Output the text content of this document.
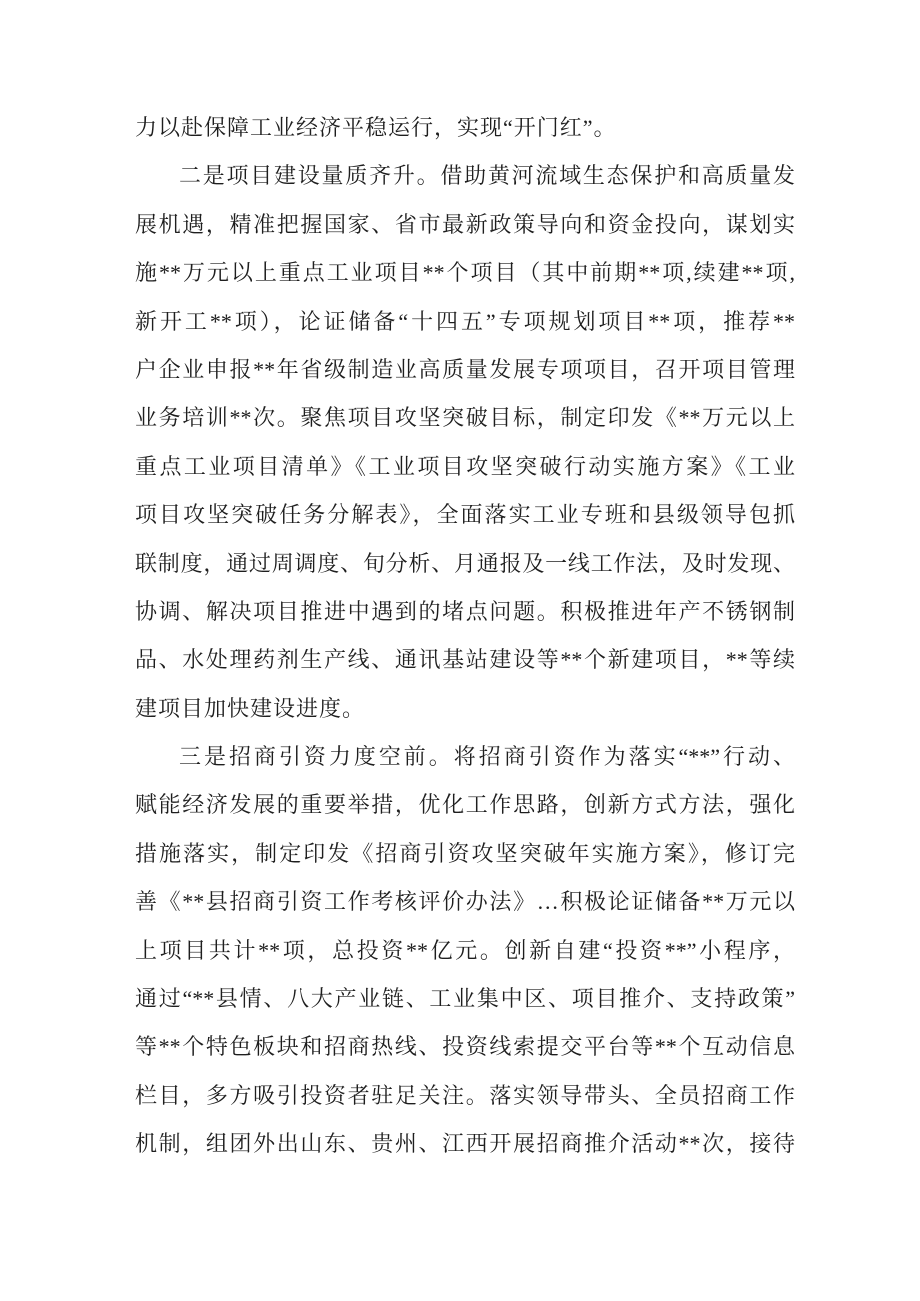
力以赴保障工业经济平稳运行，实现“开门红”。
二是项目建设量质齐升。借助黄河流域生态保护和高质量发
展机遇，精准把握国家、省市最新政策导向和资金投向，谋划实
施**万元以上重点工业项目**个项目（其中前期**项,续建**项,
新开工**项），论证储备“十四五”专项规划项目**项，推荐**
户企业申报**年省级制造业高质量发展专项项目，召开项目管理
业务培训**次。聚焦项目攻坚突破目标，制定印发《**万元以上
重点工业项目清单》《工业项目攻坚突破行动实施方案》《工业
项目攻坚突破任务分解表》，全面落实工业专班和县级领导包抓
联制度，通过周调度、旬分析、月通报及一线工作法，及时发现、
协调、解决项目推进中遇到的堵点问题。积极推进年产不锈钢制
品、水处理药剂生产线、通讯基站建设等**个新建项目，**等续
建项目加快建设进度。
三是招商引资力度空前。将招商引资作为落实“**”行动、
赋能经济发展的重要举措，优化工作思路，创新方式方法，强化
措施落实，制定印发《招商引资攻坚突破年实施方案》，修订完
善《**县招商引资工作考核评价办法》…积极论证储备**万元以
上项目共计**项，总投资**亿元。创新自建“投资**”小程序，
通过“**县情、八大产业链、工业集中区、项目推介、支持政策”
等**个特色板块和招商热线、投资线索提交平台等**个互动信息
栏目，多方吸引投资者驻足关注。落实领导带头、全员招商工作
机制，组团外出山东、贵州、江西开展招商推介活动**次，接待
